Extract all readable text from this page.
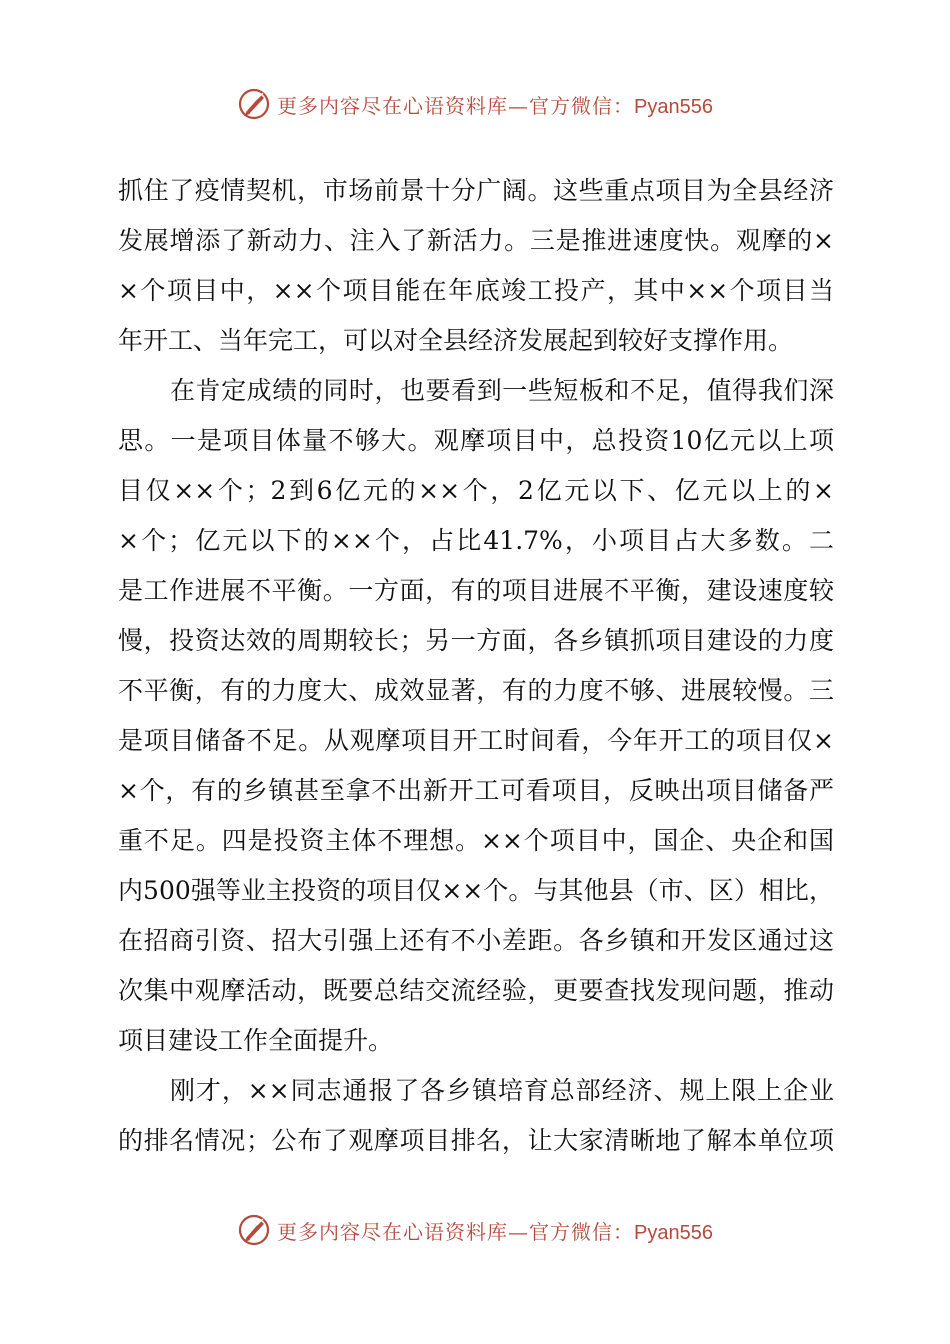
更多内容尽在心语资料库—官方微信：Pyan556
抓住了疫情契机，市场前景十分广阔。这些重点项目为全县经济
发展增添了新动力、注入了新活力。三是推进速度快。观摩的×
×个项目中，××个项目能在年底竣工投产，其中××个项目当
年开工、当年完工，可以对全县经济发展起到较好支撑作用。
在肯定成绩的同时，也要看到一些短板和不足，值得我们深
思。一是项目体量不够大。观摩项目中，总投资10亿元以上项
目仅××个；2到6亿元的××个，2亿元以下、亿元以上的×
×个；亿元以下的××个，占比41.7%，小项目占大多数。二
是工作进展不平衡。一方面，有的项目进展不平衡，建设速度较
慢，投资达效的周期较长；另一方面，各乡镇抓项目建设的力度
不平衡，有的力度大、成效显著，有的力度不够、进展较慢。三
是项目储备不足。从观摩项目开工时间看，今年开工的项目仅×
×个，有的乡镇甚至拿不出新开工可看项目，反映出项目储备严
重不足。四是投资主体不理想。××个项目中，国企、央企和国
内500强等业主投资的项目仅××个。与其他县（市、区）相比，
在招商引资、招大引强上还有不小差距。各乡镇和开发区通过这
次集中观摩活动，既要总结交流经验，更要查找发现问题，推动
项目建设工作全面提升。
刚才，××同志通报了各乡镇培育总部经济、规上限上企业
的排名情况；公布了观摩项目排名，让大家清晰地了解本单位项
更多内容尽在心语资料库—官方微信：Pyan556
